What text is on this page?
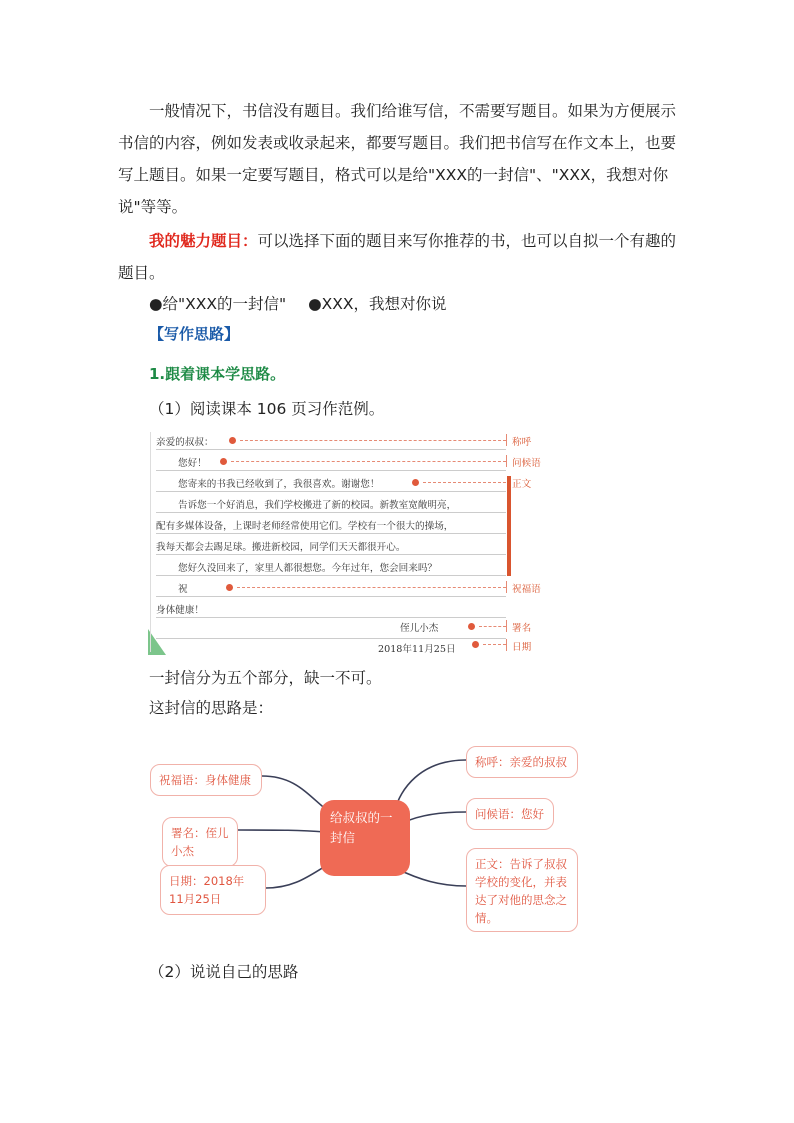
一般情况下，书信没有题目。我们给谁写信，不需要写题目。如果为方便展示书信的内容，例如发表或收录起来，都要写题目。我们把书信写在作文本上，也要写上题目。如果一定要写题目，格式可以是给"XXX的一封信"、"XXX，我想对你说"等等。
我的魅力题目：可以选择下面的题目来写你推荐的书，也可以自拟一个有趣的题目。
●给"XXX的一封信" ●XXX，我想对你说
【写作思路】
1.跟着课本学思路。
（1）阅读课本 106 页习作范例。
亲爱的叔叔：
您好！
您寄来的书我已经收到了，我很喜欢。谢谢您！
告诉您一个好消息，我们学校搬进了新的校园。新教室宽敞明亮，
配有多媒体设备，上课时老师经常使用它们。学校有一个很大的操场，
我每天都会去踢足球。搬进新校园，同学们天天都很开心。
您好久没回来了，家里人都很想您。今年过年，您会回来吗？
祝
身体健康！
侄儿小杰
2018年11月25日
称呼
问候语
正文
祝福语
署名
日期
一封信分为五个部分，缺一不可。
这封信的思路是：
祝福语：身体健康
署名：侄儿小杰
日期：2018年11月25日
给叔叔的一封信
称呼：亲爱的叔叔
问候语：您好
正文：告诉了叔叔学校的变化，并表达了对他的思念之情。
（2）说说自己的思路
